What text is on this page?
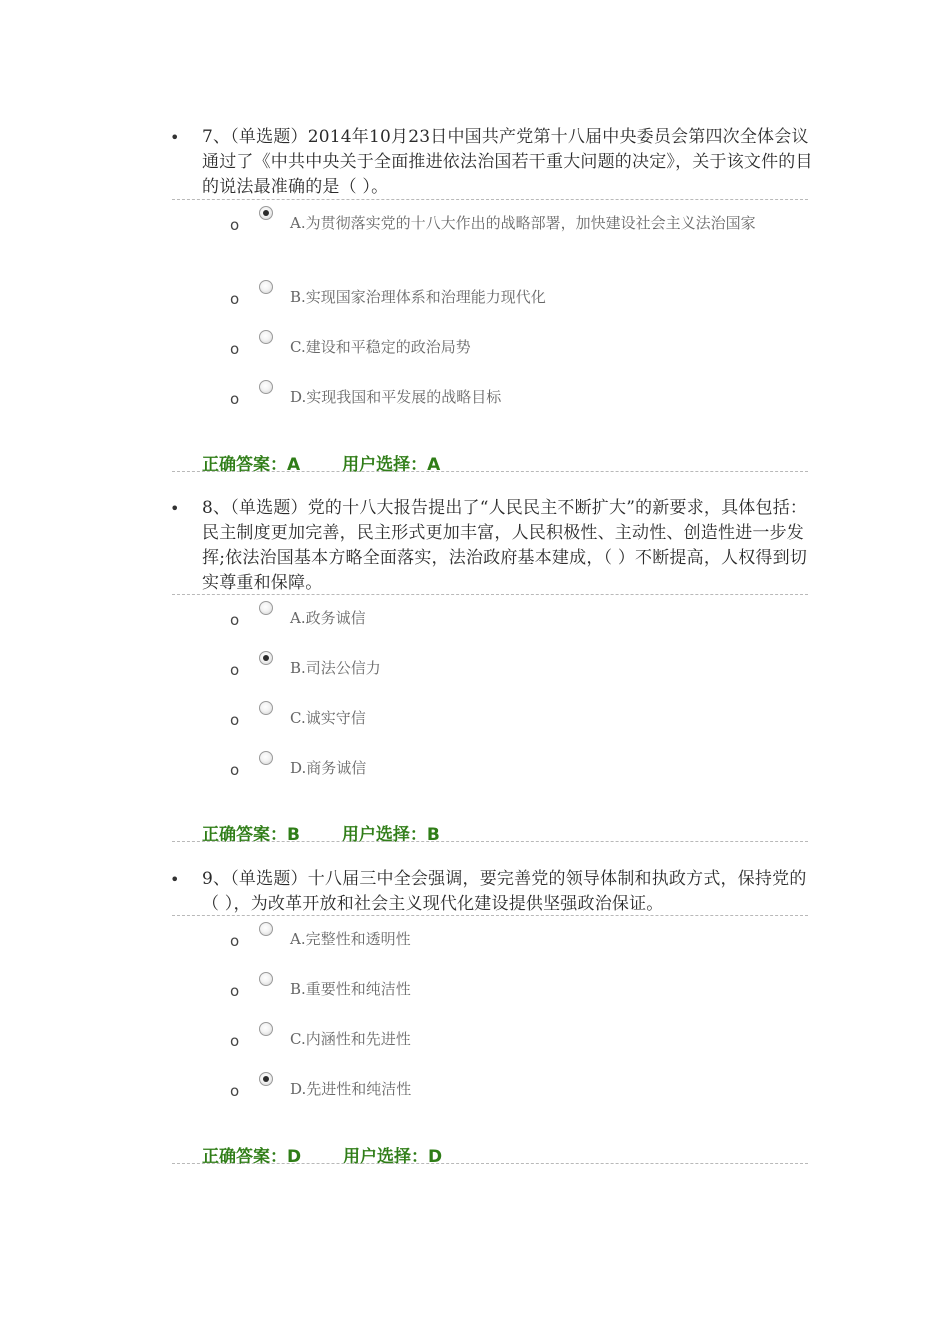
• 7、（单选题）2014年10月23日中国共产党第十八届中央委员会第四次全体会议通过了《中共中央关于全面推进依法治国若干重大问题的决定》，关于该文件的目的说法最准确的是（ ）。
o	A.为贯彻落实党的十八大作出的战略部署，加快建设社会主义法治国家
o	B.实现国家治理体系和治理能力现代化
o	C.建设和平稳定的政治局势
o	D.实现我国和平发展的战略目标
正确答案：A 用户选择：A
• 8、（单选题）党的十八大报告提出了“人民民主不断扩大”的新要求，具体包括：民主制度更加完善，民主形式更加丰富，人民积极性、主动性、创造性进一步发挥;依法治国基本方略全面落实，法治政府基本建成，（ ）不断提高，人权得到切实尊重和保障。
o	A.政务诚信
o	B.司法公信力
o	C.诚实守信
o	D.商务诚信
正确答案：B 用户选择：B
• 9、（单选题）十八届三中全会强调，要完善党的领导体制和执政方式，保持党的（ ），为改革开放和社会主义现代化建设提供坚强政治保证。
o	A.完整性和透明性
o	B.重要性和纯洁性
o	C.内涵性和先进性
o	D.先进性和纯洁性
正确答案：D 用户选择：D
